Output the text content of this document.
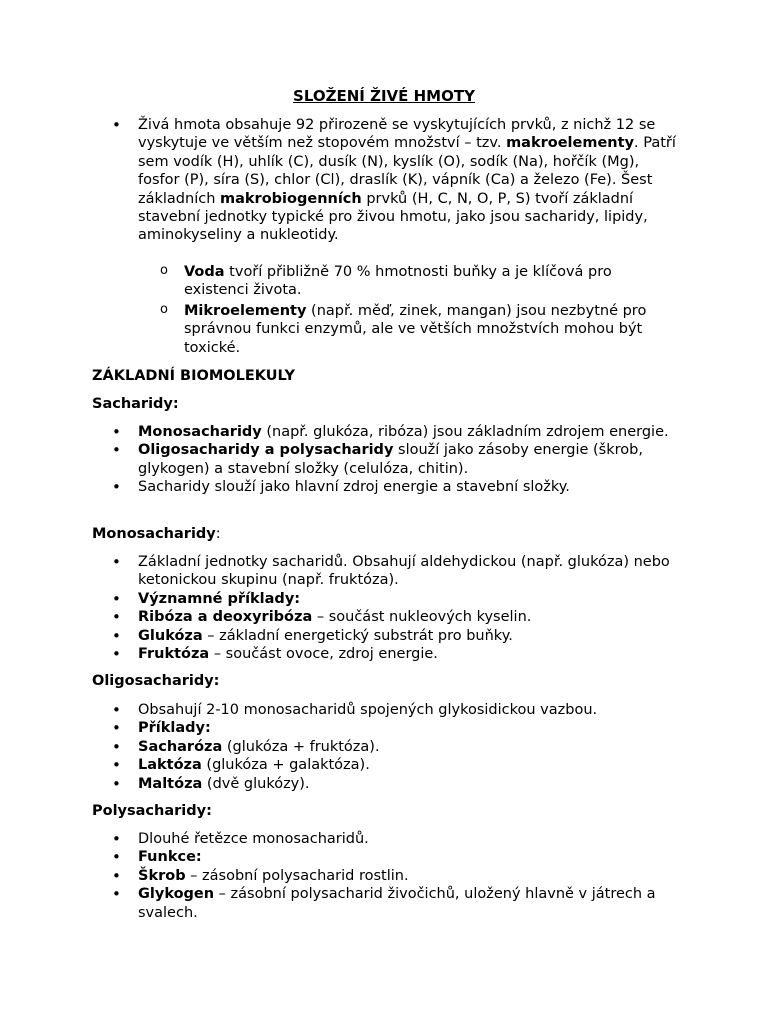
SLOŽENÍ ŽIVÉ HMOTY
• Živá hmota obsahuje 92 přirozeně se vyskytujících prvků, z nichž 12 se vyskytuje ve větším než stopovém množství – tzv. makroelementy. Patří sem vodík (H), uhlík (C), dusík (N), kyslík (O), sodík (Na), hořčík (Mg), fosfor (P), síra (S), chlor (Cl), draslík (K), vápník (Ca) a železo (Fe). Šest základních makrobiogenních prvků (H, C, N, O, P, S) tvoří základní stavební jednotky typické pro živou hmotu, jako jsou sacharidy, lipidy, aminokyseliny a nukleotidy.
o Voda tvoří přibližně 70 % hmotnosti buňky a je klíčová pro existenci života.
o Mikroelementy (např. měď, zinek, mangan) jsou nezbytné pro správnou funkci enzymů, ale ve větších množstvích mohou být toxické.
ZÁKLADNÍ BIOMOLEKULY
Sacharidy:
• Monosacharidy (např. glukóza, ribóza) jsou základním zdrojem energie.
• Oligosacharidy a polysacharidy slouží jako zásoby energie (škrob, glykogen) a stavební složky (celulóza, chitin).
• Sacharidy slouží jako hlavní zdroj energie a stavební složky.
Monosacharidy:
• Základní jednotky sacharidů. Obsahují aldehydickou (např. glukóza) nebo ketonickou skupinu (např. fruktóza).
• Významné příklady:
• Ribóza a deoxyribóza – součást nukleových kyselin.
• Glukóza – základní energetický substrát pro buňky.
• Fruktóza – součást ovoce, zdroj energie.
Oligosacharidy:
• Obsahují 2-10 monosacharidů spojených glykosidickou vazbou.
• Příklady:
• Sacharóza (glukóza + fruktóza).
• Laktóza (glukóza + galaktóza).
• Maltóza (dvě glukózy).
Polysacharidy:
• Dlouhé řetězce monosacharidů.
• Funkce:
• Škrob – zásobní polysacharid rostlin.
• Glykogen – zásobní polysacharid živočichů, uložený hlavně v játrech a svalech.
